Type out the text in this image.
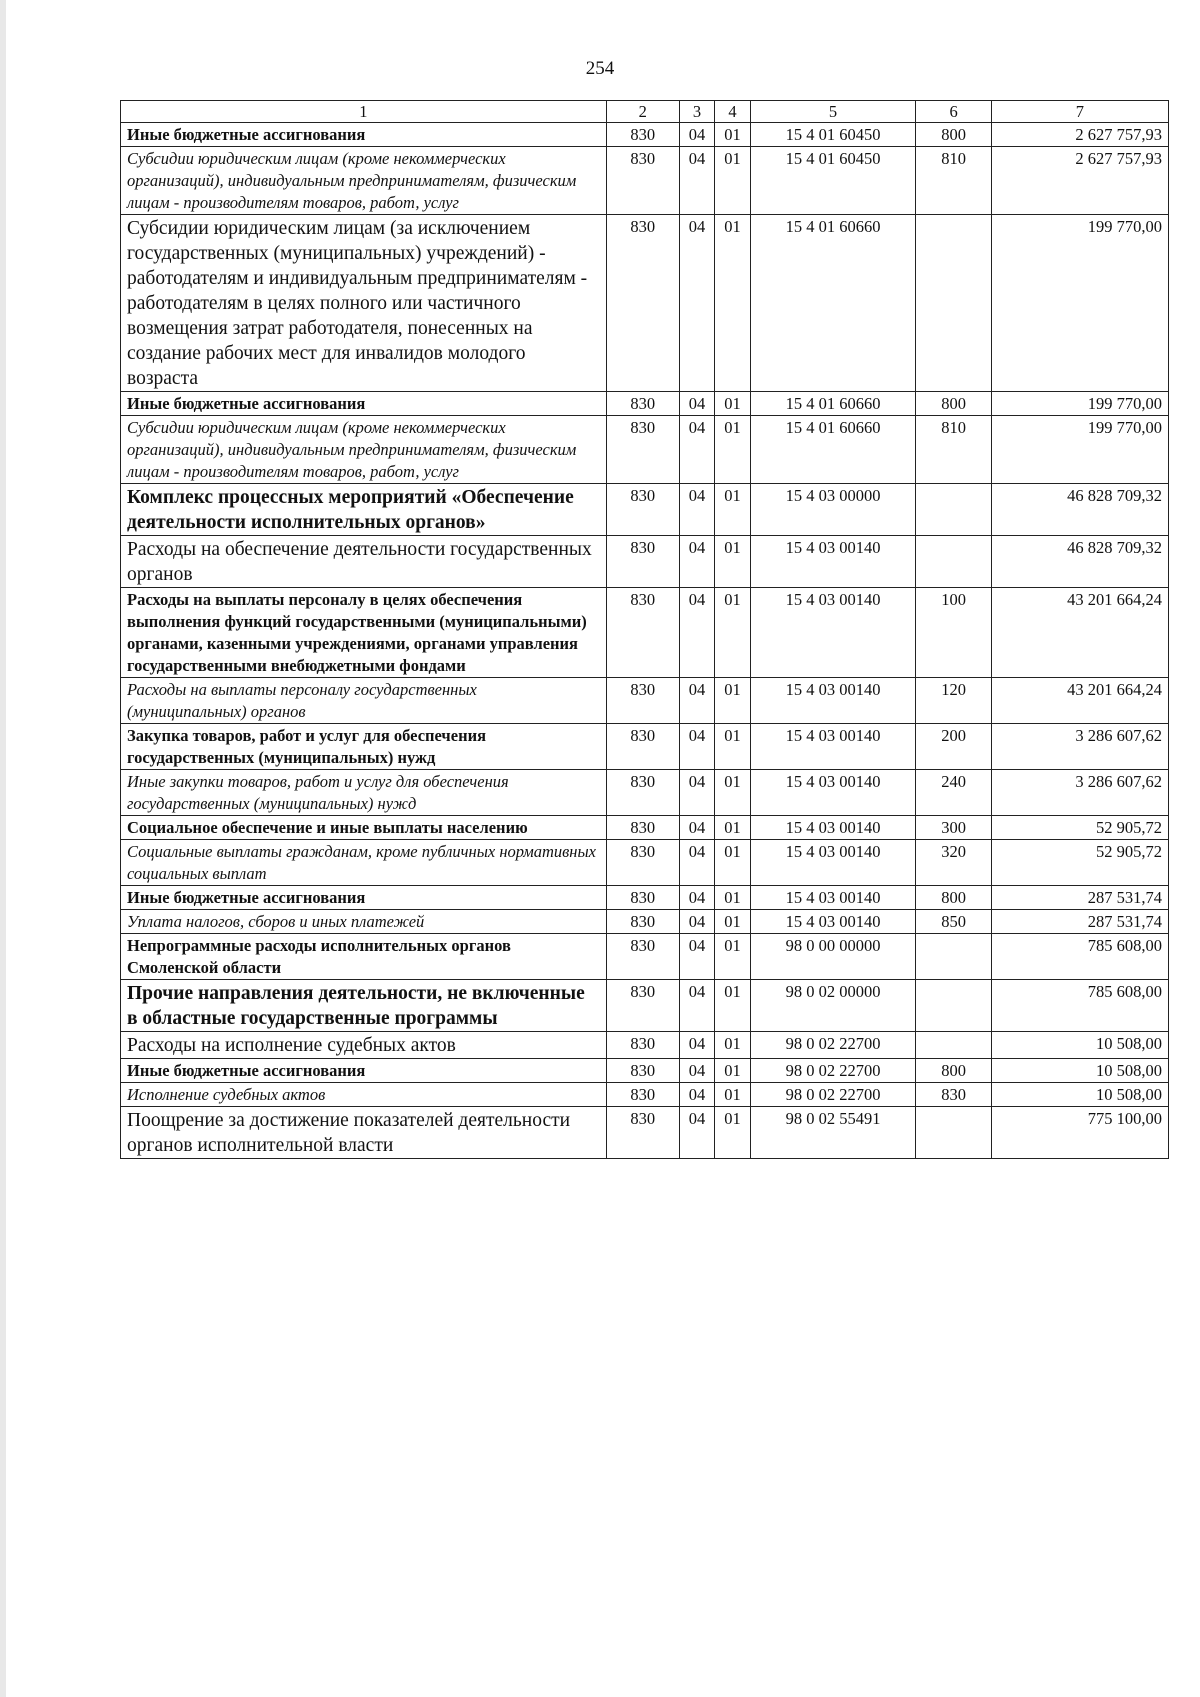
254
1	2	3	4	5	6	7
Иные бюджетные ассигнования	830	04	01	15 4 01 60450	800	2 627 757,93
Субсидии юридическим лицам (кроме некоммерческих организаций), индивидуальным предпринимателям, физическим лицам - производителям товаров, работ, услуг	830	04	01	15 4 01 60450	810	2 627 757,93
Субсидии юридическим лицам (за исключением государственных (муниципальных) учреждений) - работодателям и индивидуальным предпринимателям - работодателям в целях полного или частичного возмещения затрат работодателя, понесенных на создание рабочих мест для инвалидов молодого возраста	830	04	01	15 4 01 60660		199 770,00
Иные бюджетные ассигнования	830	04	01	15 4 01 60660	800	199 770,00
Субсидии юридическим лицам (кроме некоммерческих организаций), индивидуальным предпринимателям, физическим лицам - производителям товаров, работ, услуг	830	04	01	15 4 01 60660	810	199 770,00
Комплекс процессных мероприятий «Обеспечение деятельности исполнительных органов»	830	04	01	15 4 03 00000		46 828 709,32
Расходы на обеспечение деятельности государственных органов	830	04	01	15 4 03 00140		46 828 709,32
Расходы на выплаты персоналу в целях обеспечения выполнения функций государственными (муниципальными) органами, казенными учреждениями, органами управления государственными внебюджетными фондами	830	04	01	15 4 03 00140	100	43 201 664,24
Расходы на выплаты персоналу государственных (муниципальных) органов	830	04	01	15 4 03 00140	120	43 201 664,24
Закупка товаров, работ и услуг для обеспечения государственных (муниципальных) нужд	830	04	01	15 4 03 00140	200	3 286 607,62
Иные закупки товаров, работ и услуг для обеспечения государственных (муниципальных) нужд	830	04	01	15 4 03 00140	240	3 286 607,62
Социальное обеспечение и иные выплаты населению	830	04	01	15 4 03 00140	300	52 905,72
Социальные выплаты гражданам, кроме публичных нормативных социальных выплат	830	04	01	15 4 03 00140	320	52 905,72
Иные бюджетные ассигнования	830	04	01	15 4 03 00140	800	287 531,74
Уплата налогов, сборов и иных платежей	830	04	01	15 4 03 00140	850	287 531,74
Непрограммные расходы исполнительных органов Смоленской области	830	04	01	98 0 00 00000		785 608,00
Прочие направления деятельности, не включенные в областные государственные программы	830	04	01	98 0 02 00000		785 608,00
Расходы на исполнение судебных актов	830	04	01	98 0 02 22700		10 508,00
Иные бюджетные ассигнования	830	04	01	98 0 02 22700	800	10 508,00
Исполнение судебных актов	830	04	01	98 0 02 22700	830	10 508,00
Поощрение за достижение показателей деятельности органов исполнительной власти	830	04	01	98 0 02 55491		775 100,00
